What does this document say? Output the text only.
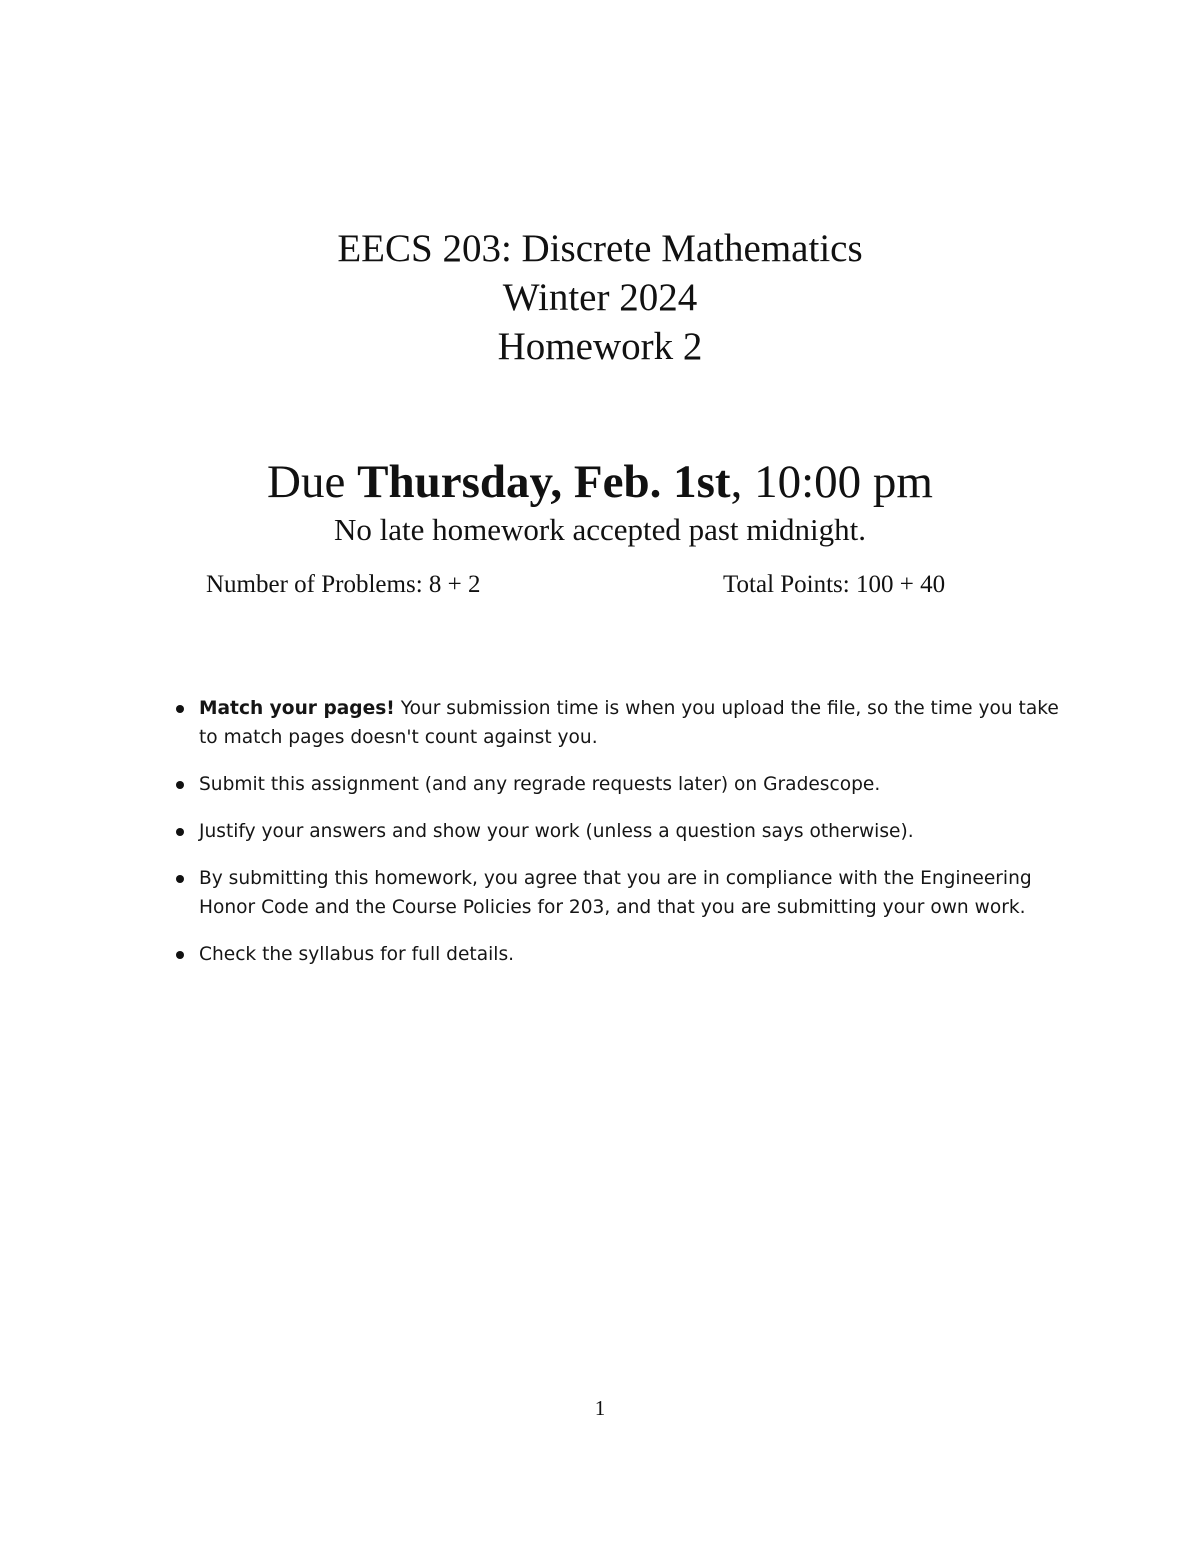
EECS 203: Discrete Mathematics
Winter 2024
Homework 2
Due Thursday, Feb. 1st, 10:00 pm
No late homework accepted past midnight.
Number of Problems: 8 + 2	Total Points: 100 + 40
Match your pages! Your submission time is when you upload the file, so the time you take to match pages doesn't count against you.
Submit this assignment (and any regrade requests later) on Gradescope.
Justify your answers and show your work (unless a question says otherwise).
By submitting this homework, you agree that you are in compliance with the Engineering Honor Code and the Course Policies for 203, and that you are submitting your own work.
Check the syllabus for full details.
1
